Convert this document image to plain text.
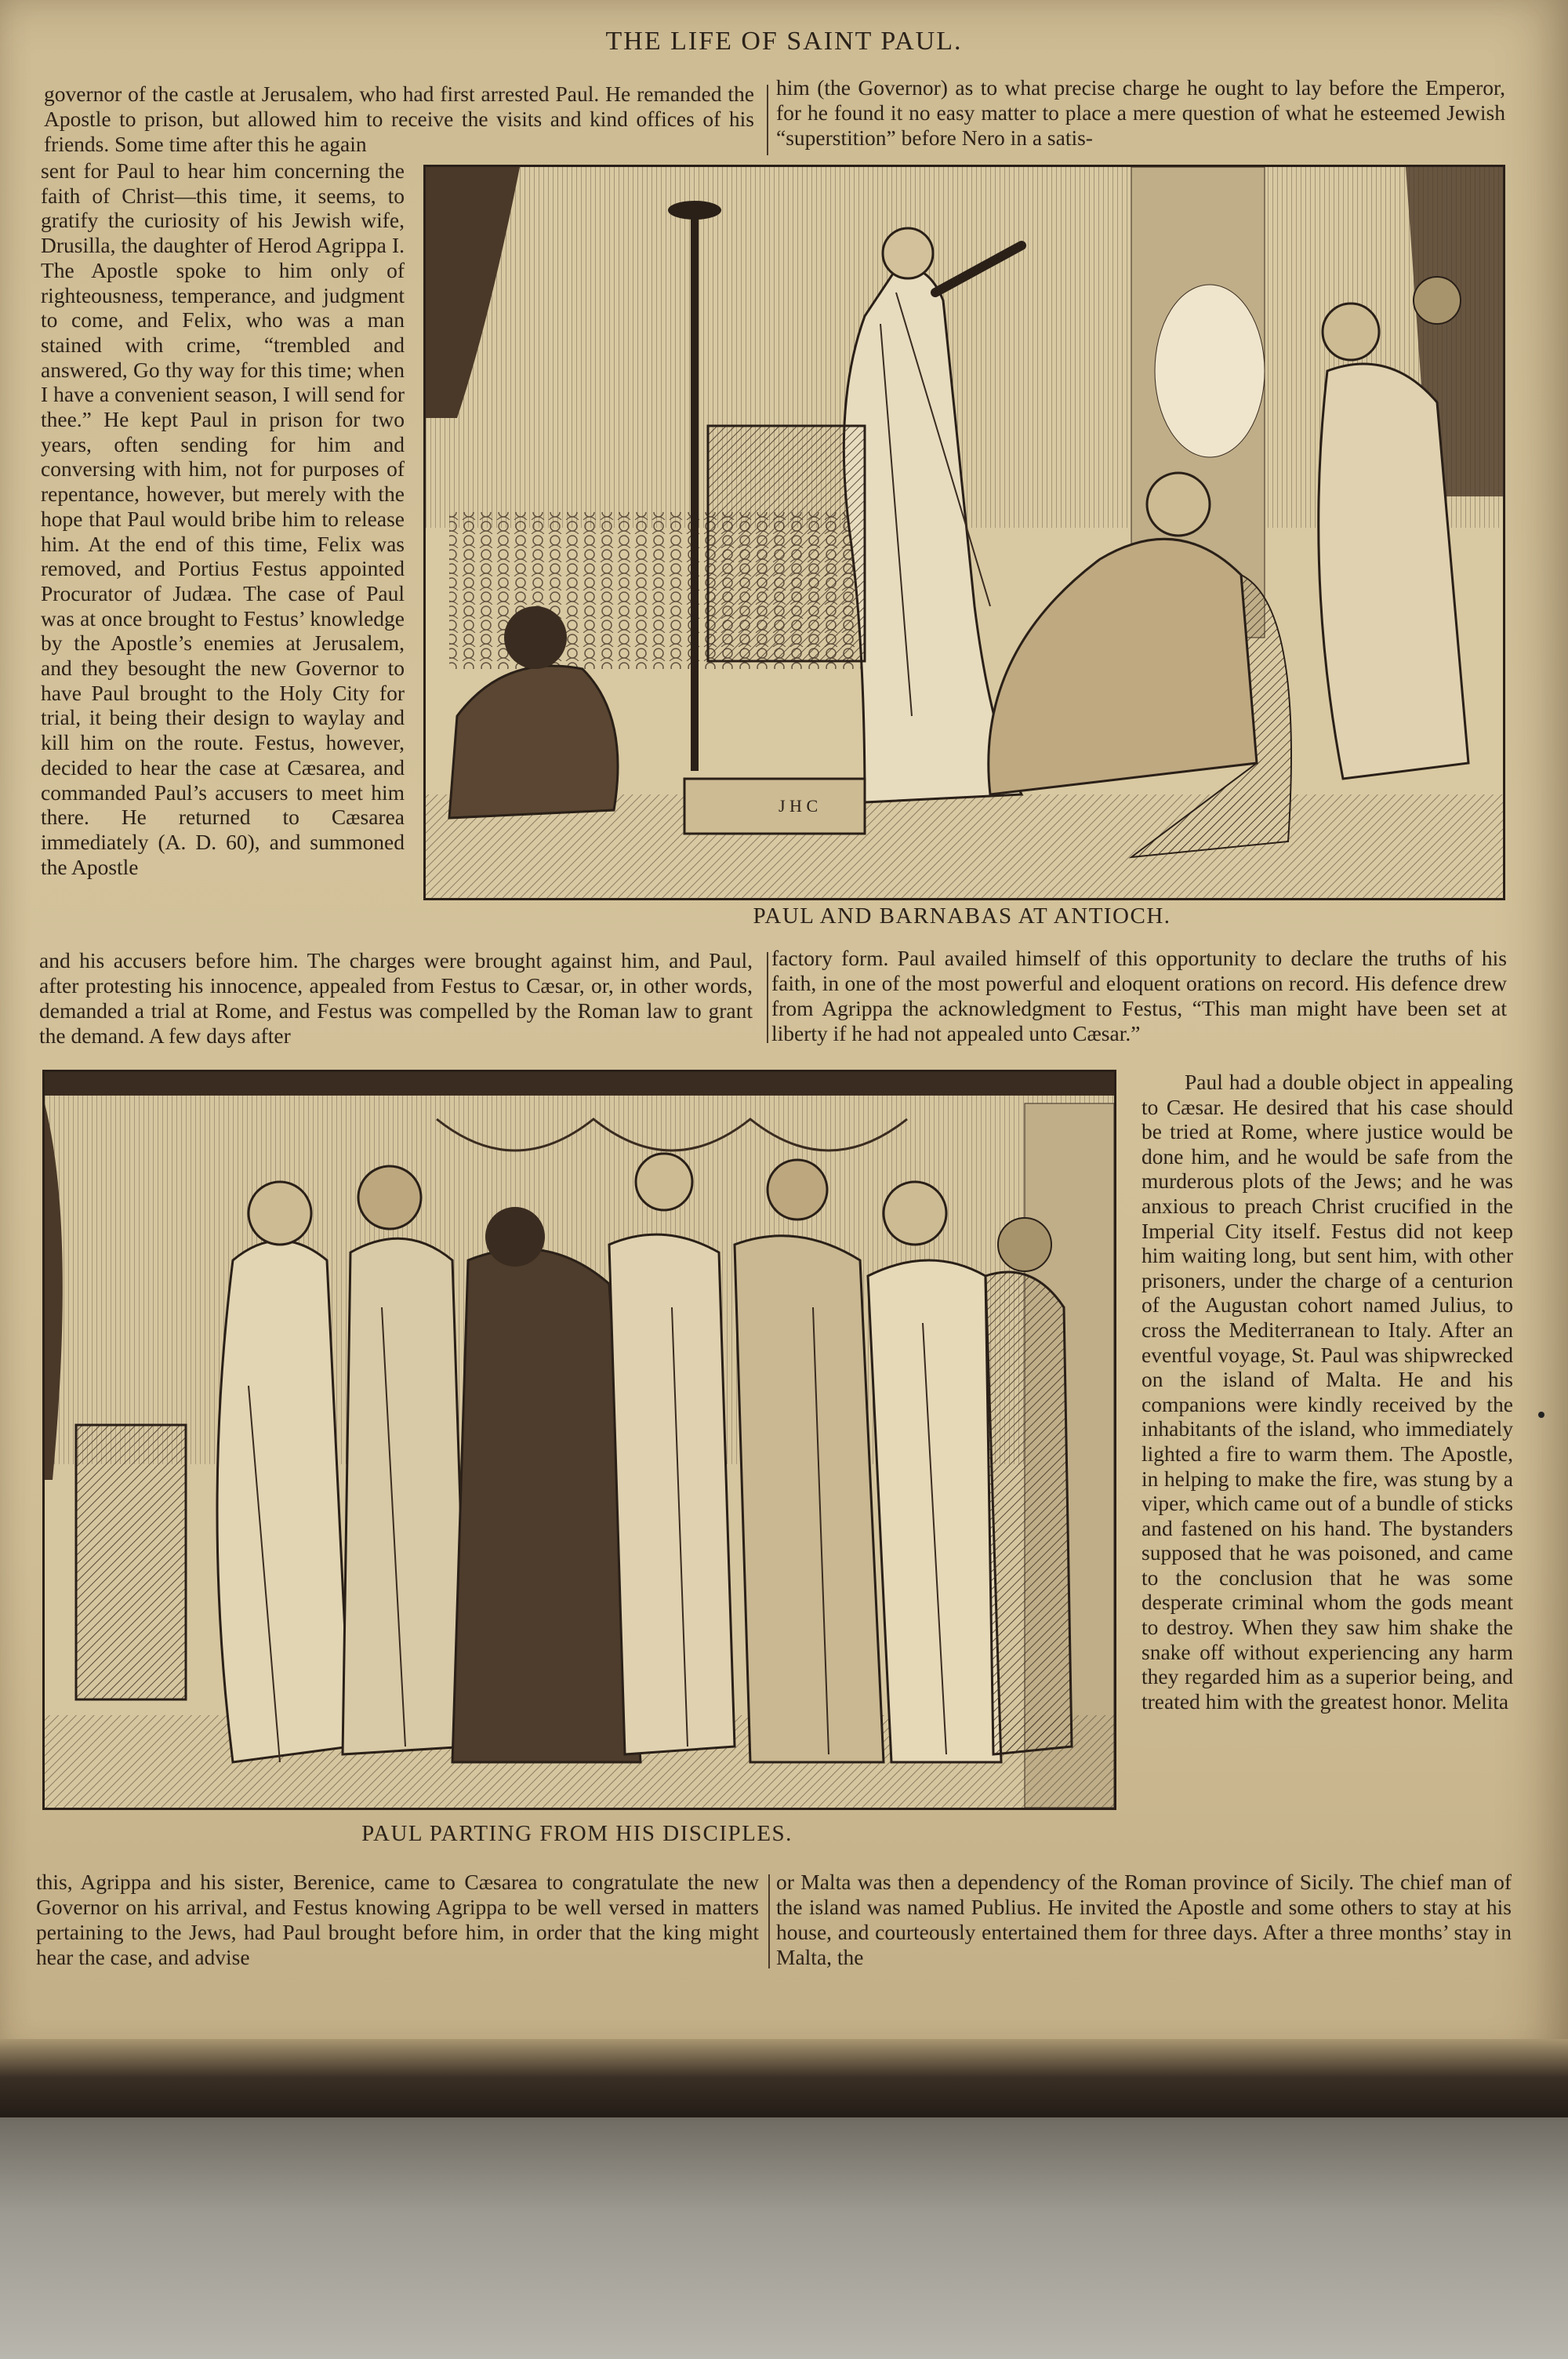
THE LIFE OF SAINT PAUL.
governor of the castle at Jerusalem, who had first arrested Paul. He remanded the Apostle to prison, but allowed him to receive the visits and kind offices of his friends. Some time after this he again
him (the Governor) as to what precise charge he ought to lay before the Emperor, for he found it no easy matter to place a mere question of what he esteemed Jewish “superstition” before Nero in a satis-
sent for Paul to hear him concerning the faith of Christ—this time, it seems, to gratify the curiosity of his Jewish wife, Drusilla, the daughter of Herod Agrippa I. The Apostle spoke to him only of righteousness, temperance, and judgment to come, and Felix, who was a man stained with crime, “trembled and answered, Go thy way for this time; when I have a convenient season, I will send for thee.” He kept Paul in prison for two years, often sending for him and conversing with him, not for purposes of repentance, however, but merely with the hope that Paul would bribe him to release him. At the end of this time, Felix was removed, and Portius Festus appointed Procurator of Judæa. The case of Paul was at once brought to Festus’ knowledge by the Apostle’s enemies at Jerusalem, and they besought the new Governor to have Paul brought to the Holy City for trial, it being their design to waylay and kill him on the route. Festus, however, decided to hear the case at Cæsarea, and commanded Paul’s accusers to meet him there. He returned to Cæsarea immediately (A. D. 60), and summoned the Apostle
J H C
PAUL AND BARNABAS AT ANTIOCH.
and his accusers before him. The charges were brought against him, and Paul, after protesting his innocence, appealed from Festus to Cæsar, or, in other words, demanded a trial at Rome, and Festus was compelled by the Roman law to grant the demand. A few days after
factory form. Paul availed himself of this opportunity to declare the truths of his faith, in one of the most powerful and eloquent orations on record. His defence drew from Agrippa the acknowledgment to Festus, “This man might have been set at liberty if he had not appealed unto Cæsar.”
PAUL PARTING FROM HIS DISCIPLES.
Paul had a double object in appealing to Cæsar. He desired that his case should be tried at Rome, where justice would be done him, and he would be safe from the murderous plots of the Jews; and he was anxious to preach Christ crucified in the Imperial City itself. Festus did not keep him waiting long, but sent him, with other prisoners, under the charge of a centurion of the Augustan cohort named Julius, to cross the Mediterranean to Italy. After an eventful voyage, St. Paul was shipwrecked on the island of Malta. He and his companions were kindly received by the inhabitants of the island, who immediately lighted a fire to warm them. The Apostle, in helping to make the fire, was stung by a viper, which came out of a bundle of sticks and fastened on his hand. The bystanders supposed that he was poisoned, and came to the conclusion that he was some desperate criminal whom the gods meant to destroy. When they saw him shake the snake off without experiencing any harm they regarded him as a superior being, and treated him with the greatest honor. Melita
this, Agrippa and his sister, Berenice, came to Cæsarea to congratulate the new Governor on his arrival, and Festus knowing Agrippa to be well versed in matters pertaining to the Jews, had Paul brought before him, in order that the king might hear the case, and advise
or Malta was then a dependency of the Roman province of Sicily. The chief man of the island was named Publius. He invited the Apostle and some others to stay at his house, and courteously entertained them for three days. After a three months’ stay in Malta, the
